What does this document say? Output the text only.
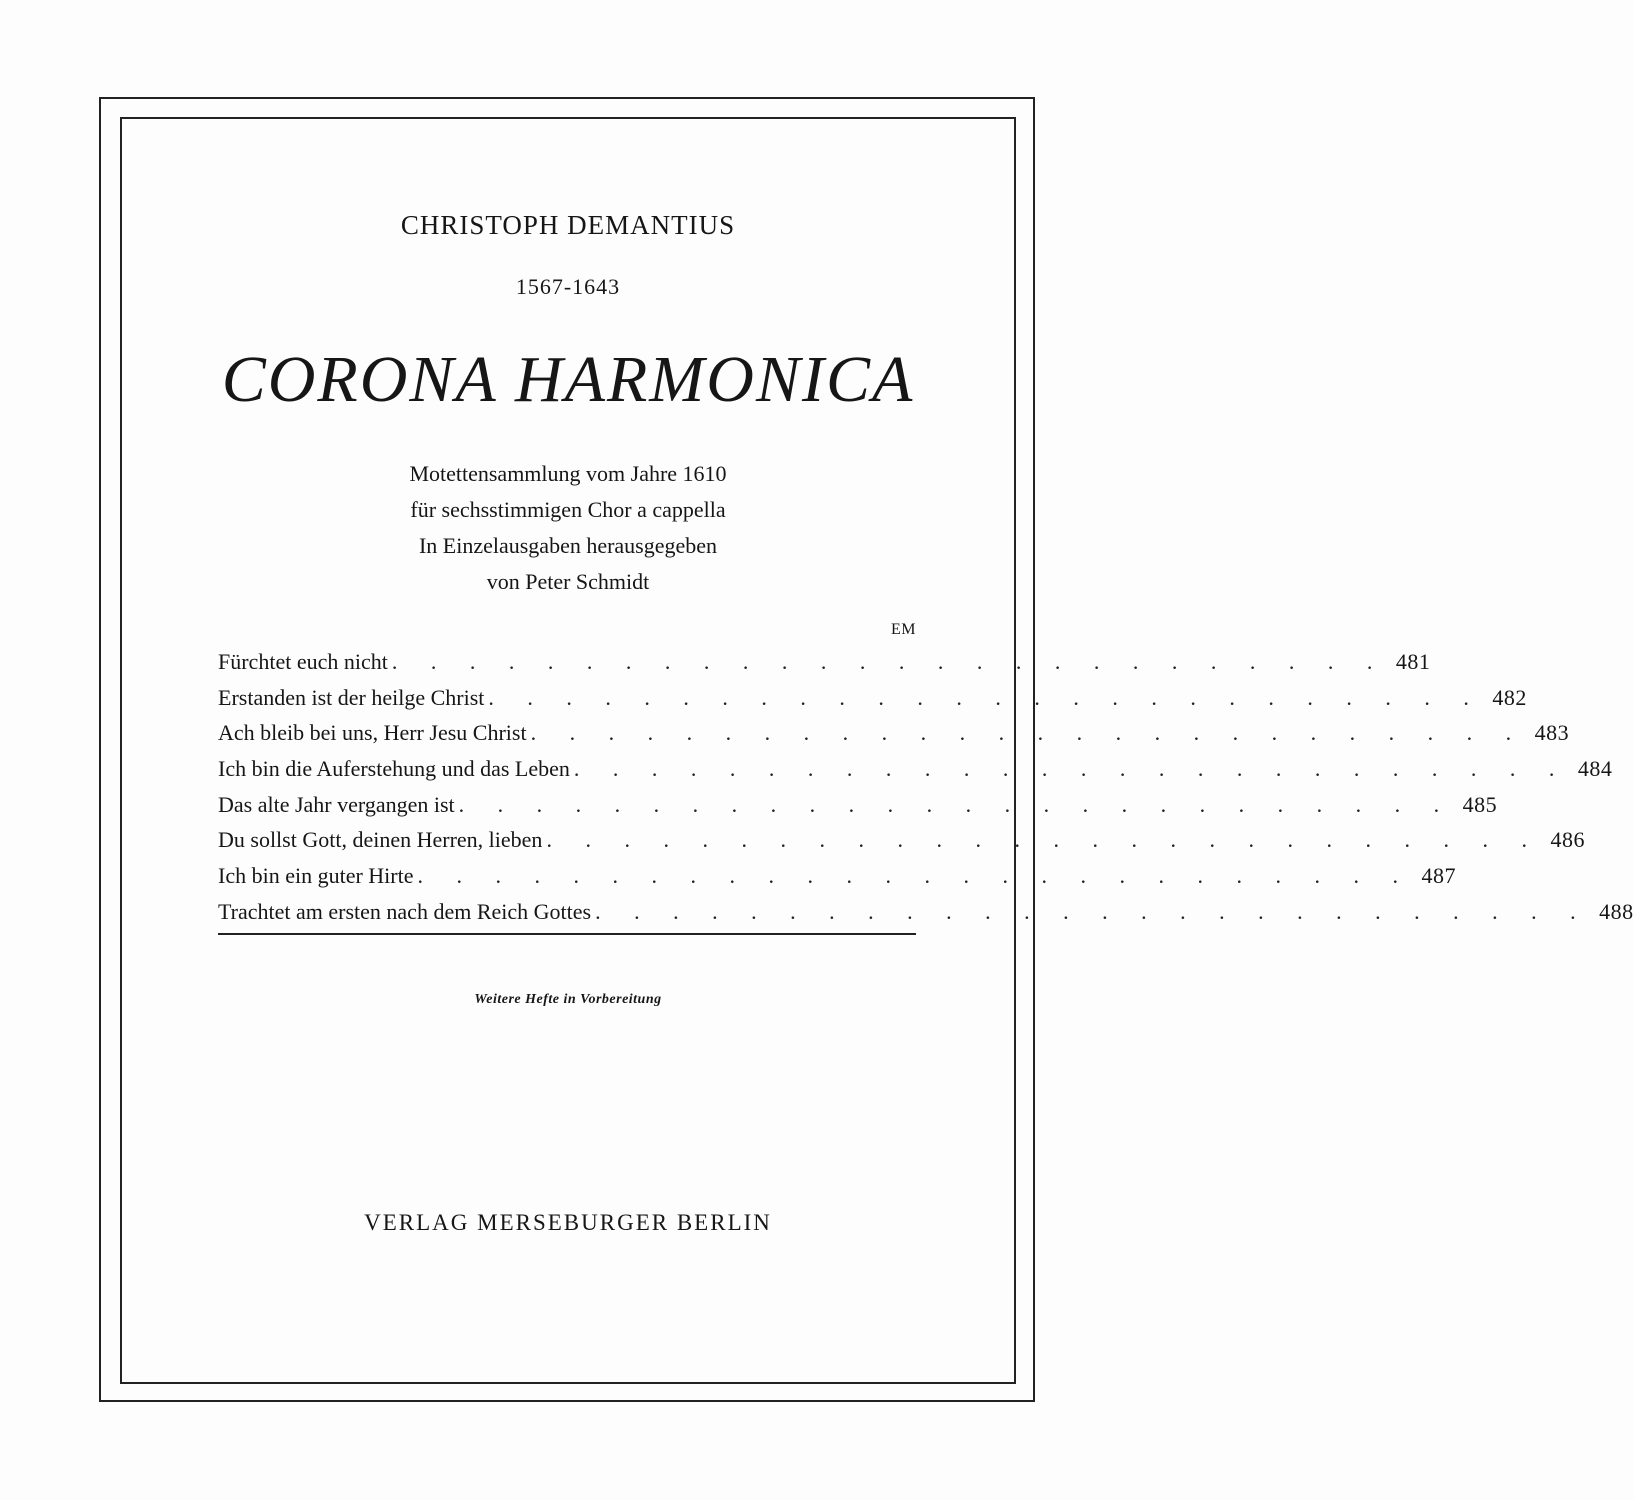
CHRISTOPH DEMANTIUS
1567-1643
CORONA HARMONICA
Motettensammlung vom Jahre 1610
für sechsstimmigen Chor a cappella
In Einzelausgaben herausgegeben
von Peter Schmidt
EM
Fürchtet euch nicht . . . . . . . . . . . . . . . . . . . . . . . . . . 481
Erstanden ist der heilge Christ . . . . . . . . . . . . . . . . . . . . . . . . . . 482
Ach bleib bei uns, Herr Jesu Christ . . . . . . . . . . . . . . . . . . . . . . . . . . 483
Ich bin die Auferstehung und das Leben . . . . . . . . . . . . . . . . . . . . . . . . . . 484
Das alte Jahr vergangen ist . . . . . . . . . . . . . . . . . . . . . . . . . . 485
Du sollst Gott, deinen Herren, lieben . . . . . . . . . . . . . . . . . . . . . . . . . . 486
Ich bin ein guter Hirte . . . . . . . . . . . . . . . . . . . . . . . . . . 487
Trachtet am ersten nach dem Reich Gottes . . . . . . . . . . . . . . . . . . . . . . . . . . 488
Weitere Hefte in Vorbereitung
VERLAG MERSEBURGER BERLIN
